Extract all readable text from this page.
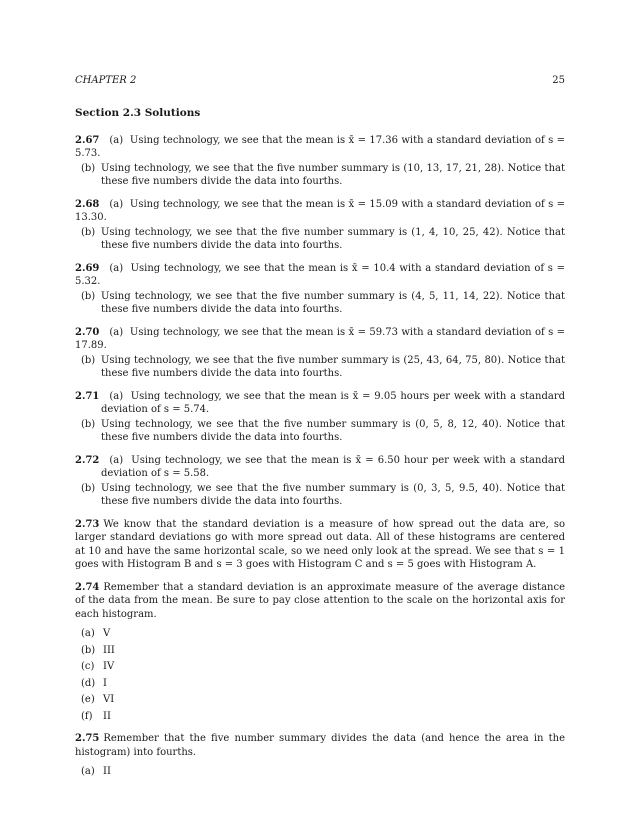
CHAPTER 2	25
Section 2.3 Solutions
2.67 (a) Using technology, we see that the mean is x̄ = 17.36 with a standard deviation of s = 5.73.
(b) Using technology, we see that the five number summary is (10, 13, 17, 21, 28). Notice that these five numbers divide the data into fourths.
2.68 (a) Using technology, we see that the mean is x̄ = 15.09 with a standard deviation of s = 13.30.
(b) Using technology, we see that the five number summary is (1, 4, 10, 25, 42). Notice that these five numbers divide the data into fourths.
2.69 (a) Using technology, we see that the mean is x̄ = 10.4 with a standard deviation of s = 5.32.
(b) Using technology, we see that the five number summary is (4, 5, 11, 14, 22). Notice that these five numbers divide the data into fourths.
2.70 (a) Using technology, we see that the mean is x̄ = 59.73 with a standard deviation of s = 17.89.
(b) Using technology, we see that the five number summary is (25, 43, 64, 75, 80). Notice that these five numbers divide the data into fourths.
2.71 (a) Using technology, we see that the mean is x̄ = 9.05 hours per week with a standard deviation of s = 5.74.
(b) Using technology, we see that the five number summary is (0, 5, 8, 12, 40). Notice that these five numbers divide the data into fourths.
2.72 (a) Using technology, we see that the mean is x̄ = 6.50 hour per week with a standard deviation of s = 5.58.
(b) Using technology, we see that the five number summary is (0, 3, 5, 9.5, 40). Notice that these five numbers divide the data into fourths.
2.73 We know that the standard deviation is a measure of how spread out the data are, so larger standard deviations go with more spread out data. All of these histograms are centered at 10 and have the same horizontal scale, so we need only look at the spread. We see that s = 1 goes with Histogram B and s = 3 goes with Histogram C and s = 5 goes with Histogram A.
2.74 Remember that a standard deviation is an approximate measure of the average distance of the data from the mean. Be sure to pay close attention to the scale on the horizontal axis for each histogram.
(a) V
(b) III
(c) IV
(d) I
(e) VI
(f) II
2.75 Remember that the five number summary divides the data (and hence the area in the histogram) into fourths.
(a) II
